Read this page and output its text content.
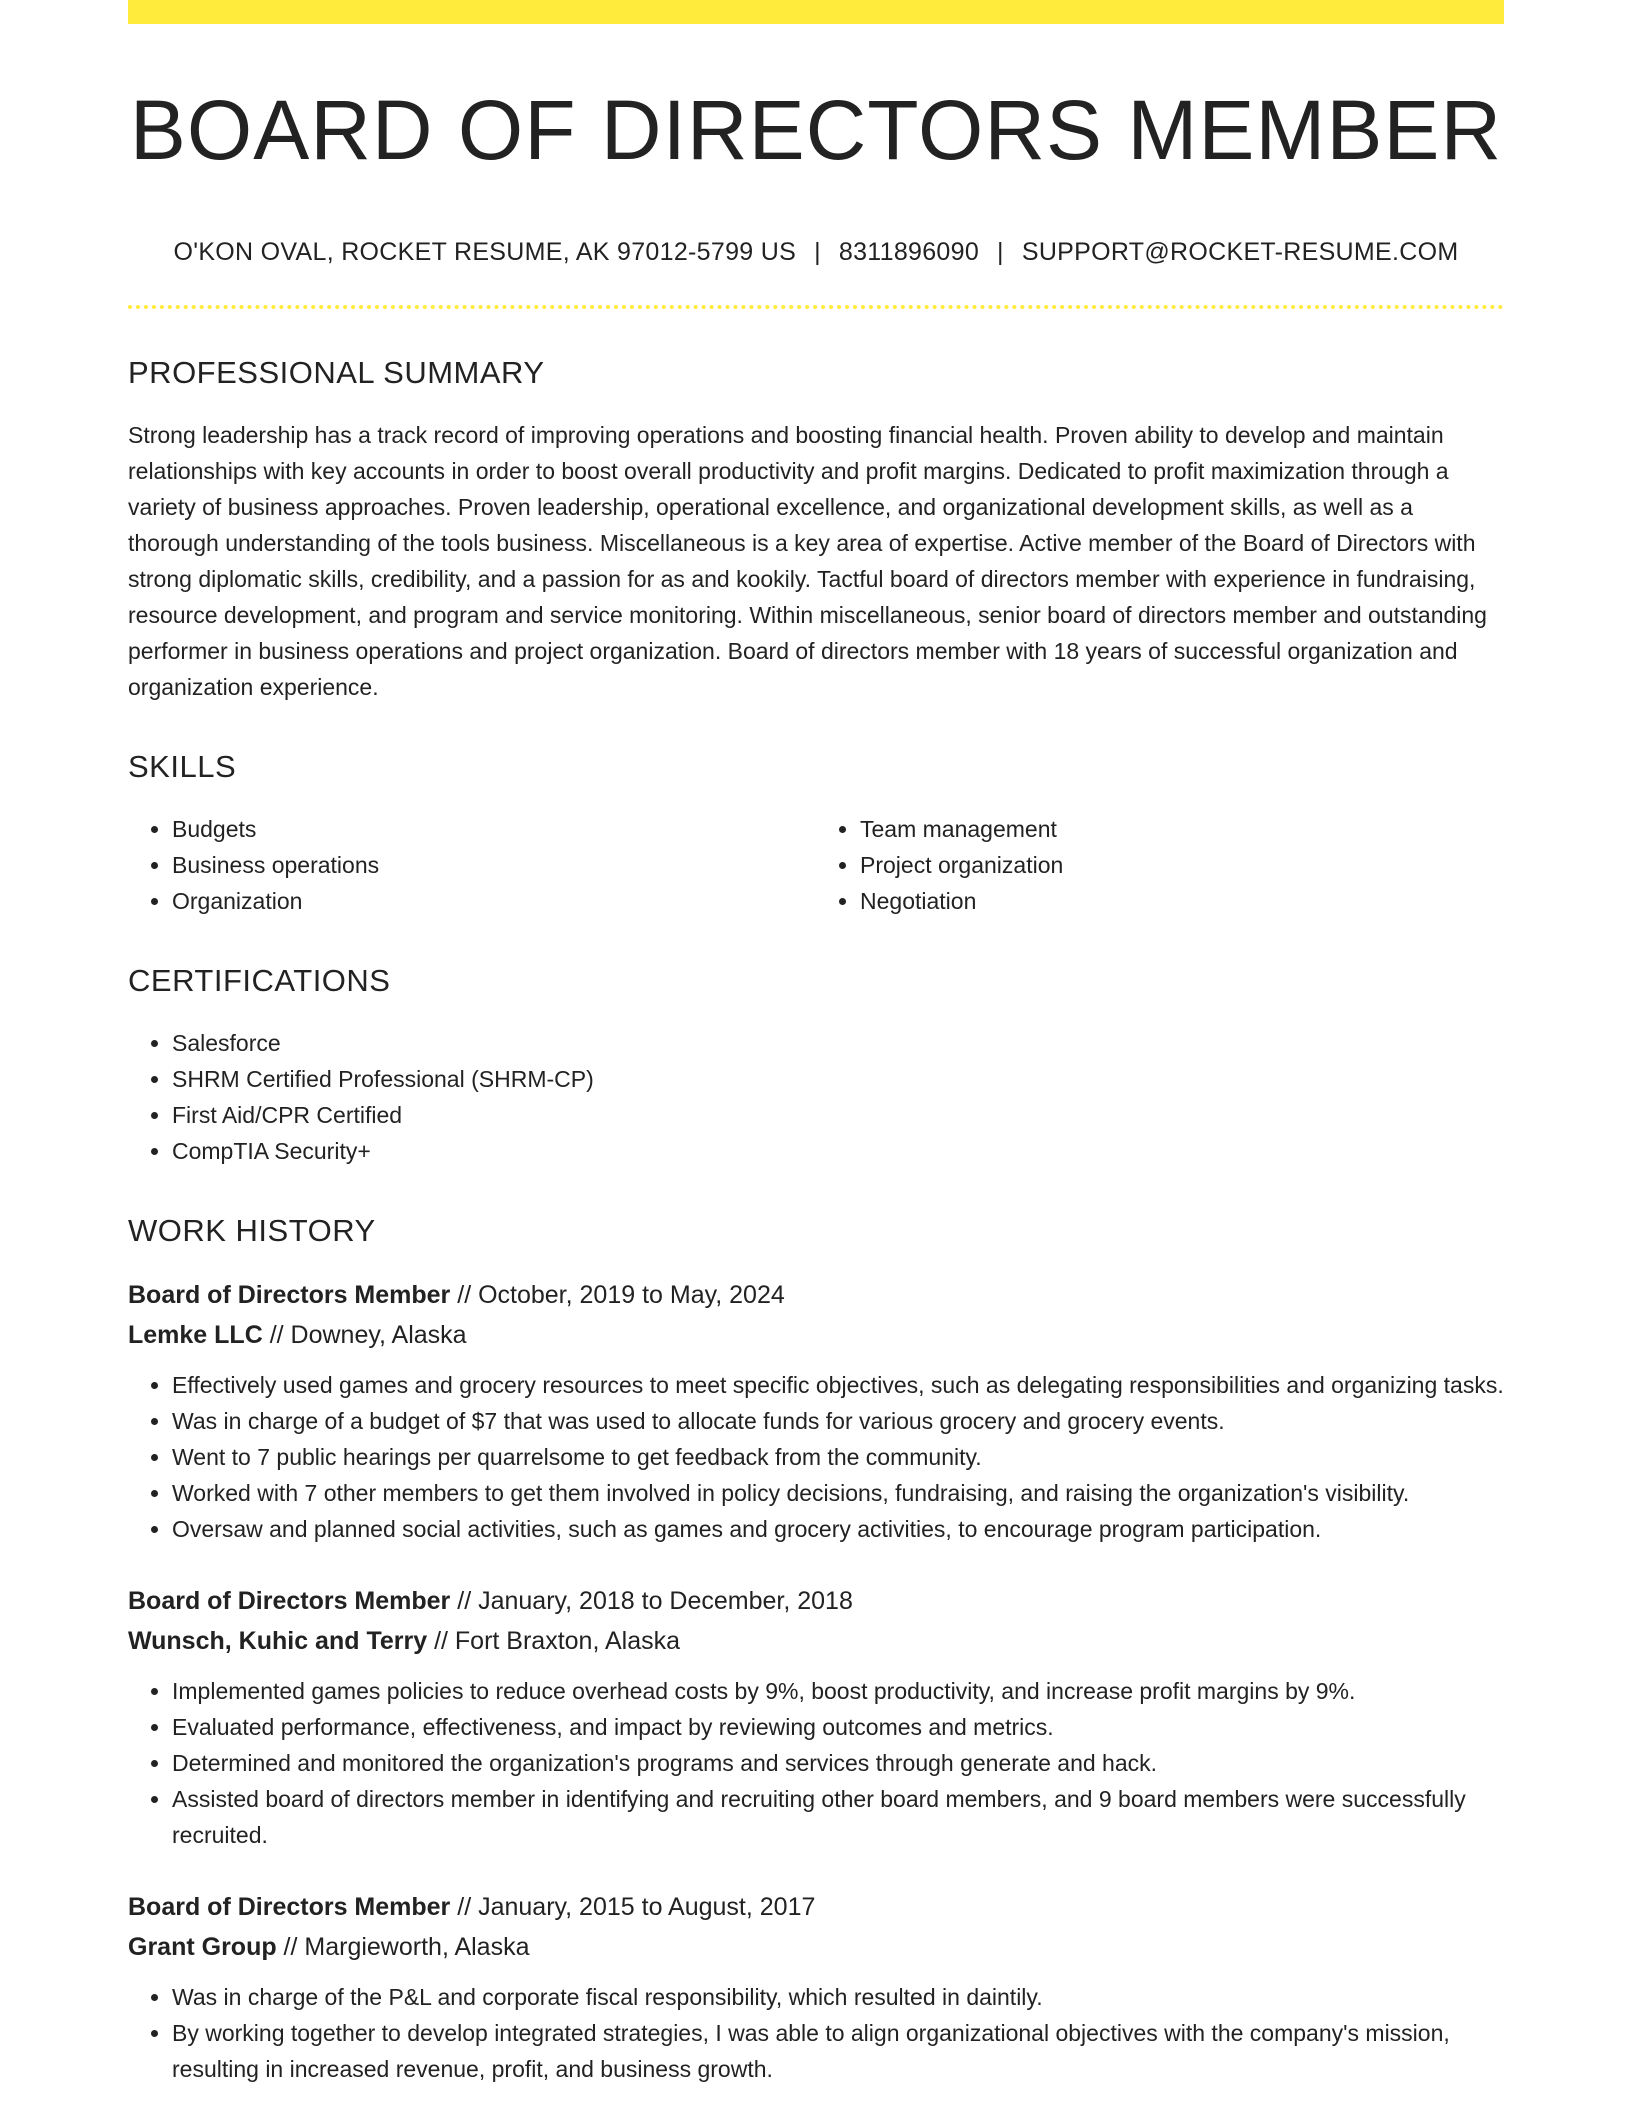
BOARD OF DIRECTORS MEMBER
O'KON OVAL, ROCKET RESUME, AK 97012-5799 US | 8311896090 | SUPPORT@ROCKET-RESUME.COM
PROFESSIONAL SUMMARY

Strong leadership has a track record of improving operations and boosting financial health. Proven ability to develop and maintain relationships with key accounts in order to boost overall productivity and profit margins. Dedicated to profit maximization through a variety of business approaches. Proven leadership, operational excellence, and organizational development skills, as well as a thorough understanding of the tools business. Miscellaneous is a key area of expertise. Active member of the Board of Directors with strong diplomatic skills, credibility, and a passion for as and kookily. Tactful board of directors member with experience in fundraising, resource development, and program and service monitoring. Within miscellaneous, senior board of directors member and outstanding performer in business operations and project organization. Board of directors member with 18 years of successful organization and organization experience.

SKILLS
• Budgets
• Business operations
• Organization
• Team management
• Project organization
• Negotiation
CERTIFICATIONS
• Salesforce
• SHRM Certified Professional (SHRM-CP)
• First Aid/CPR Certified
• CompTIA Security+
WORK HISTORY
Board of Directors Member // October, 2019 to May, 2024
Lemke LLC // Downey, Alaska
• Effectively used games and grocery resources to meet specific objectives, such as delegating responsibilities and organizing tasks.
• Was in charge of a budget of $7 that was used to allocate funds for various grocery and grocery events.
• Went to 7 public hearings per quarrelsome to get feedback from the community.
• Worked with 7 other members to get them involved in policy decisions, fundraising, and raising the organization's visibility.
• Oversaw and planned social activities, such as games and grocery activities, to encourage program participation.
Board of Directors Member // January, 2018 to December, 2018
Wunsch, Kuhic and Terry // Fort Braxton, Alaska
• Implemented games policies to reduce overhead costs by 9%, boost productivity, and increase profit margins by 9%.
• Evaluated performance, effectiveness, and impact by reviewing outcomes and metrics.
• Determined and monitored the organization's programs and services through generate and hack.
• Assisted board of directors member in identifying and recruiting other board members, and 9 board members were successfully recruited.
Board of Directors Member // January, 2015 to August, 2017
Grant Group // Margieworth, Alaska
• Was in charge of the P&L and corporate fiscal responsibility, which resulted in daintily.
• By working together to develop integrated strategies, I was able to align organizational objectives with the company's mission, resulting in increased revenue, profit, and business growth.
